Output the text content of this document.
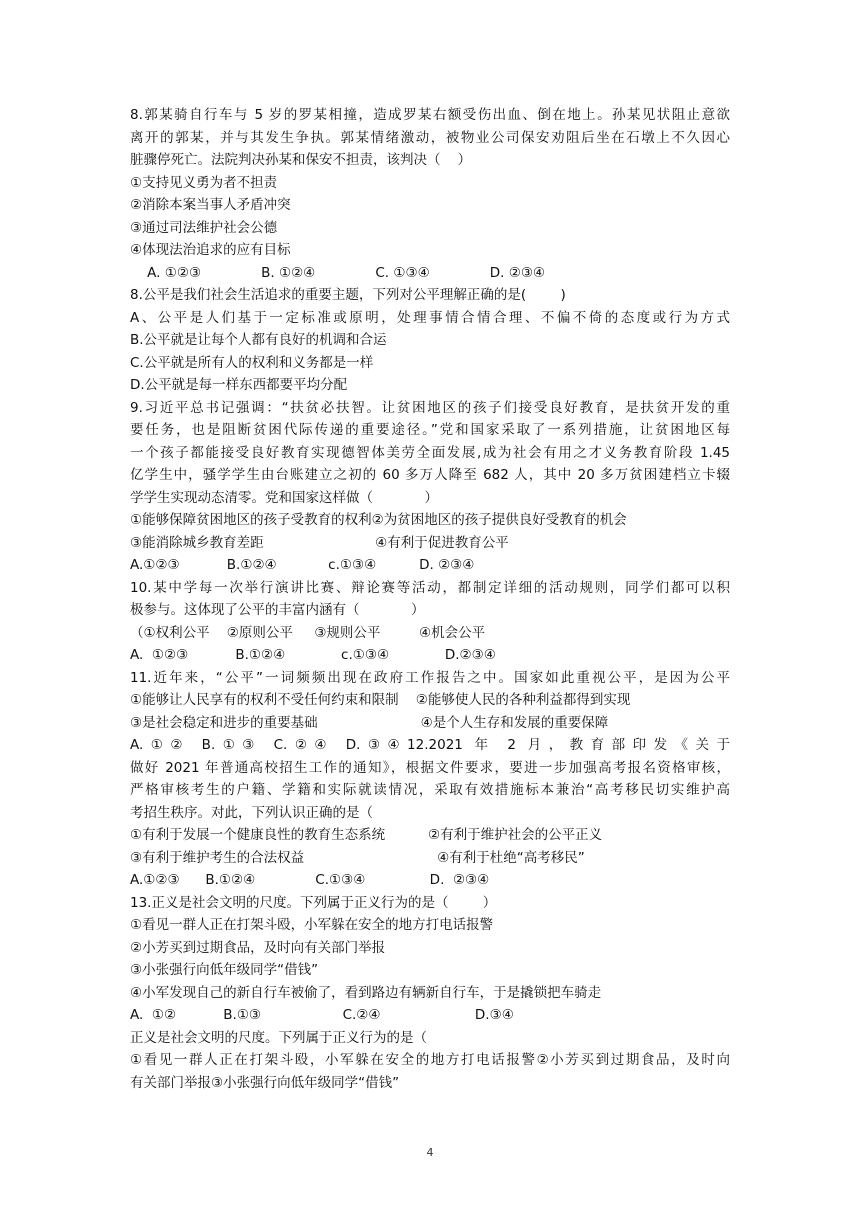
8.郭某骑自行车与 5 岁的罗某相撞，造成罗某右额受伤出血、倒在地上。孙某见状阻止意欲
离开的郭某，并与其发生争执。郭某情绪激动，被物业公司保安劝阻后坐在石墩上不久因心
脏骤停死亡。法院判决孙某和保安不担责，该判决（    ）
①支持见义勇为者不担责
②消除本案当事人矛盾冲突
③通过司法维护社会公德
④体现法治追求的应有目标
A. ①②③              B. ①②④              C. ①③④              D. ②③④
8.公平是我们社会生活追求的重要主题，下列对公平理解正确的是(        )
A、公平是人们基于一定标准或原明，处理事情合情合理、不偏不倚的态度或行为方式
B.公平就是让每个人都有良好的机调和合运
C.公平就是所有人的权利和义务都是一样
D.公平就是每一样东西都要平均分配
9.习近平总书记强调：“扶贫必扶智。让贫困地区的孩子们接受良好教育，是扶贫开发的重
要任务，也是阻断贫困代际传递的重要途径。”党和国家采取了一系列措施，让贫困地区每
一个孩子都能接受良好教育实现德智体美劳全面发展,成为社会有用之才义务教育阶段 1.45
亿学生中，骚学学生由台账建立之初的 60 多万人降至 682 人，其中 20 多万贫困建档立卡辍
学学生实现动态清零。党和国家这样做（            ）
①能够保障贫困地区的孩子受教育的权利②为贫困地区的孩子提供良好受教育的机会
③能消除城乡教育差距                          ④有利于促进教育公平
A.①②③           B.①②④            c.①③④          D. ②③④
10.某中学每一次举行演讲比赛、辩论赛等活动，都制定详细的活动规则，同学们都可以积
极参与。这体现了公平的丰富内涵有（            ）
（①权利公平    ②原则公平     ③规则公平         ④机会公平
A.  ①②③           B.①②④             c.①③④             D.②③④
11.近年来，“公平”一词频频出现在政府工作报告之中。国家如此重视公平，是因为公平
①能够让人民享有的权利不受任何约束和限制    ②能够使人民的各种利益都得到实现
③是社会稳定和进步的重要基础                        ④是个人生存和发展的重要保障
A.①② B.①③ C.②④ D.③④12.2021 年 2 月，教育部印发《关于
做好 2021 年普通高校招生工作的通知》，根据文件要求，要进一步加强高考报名资格审核，
严格审核考生的户籍、学籍和实际就读情况，采取有效措施标本兼治“高考移民切实维护高
考招生秩序。对此，下列认识正确的是（
①有利于发展一个健康良性的教育生态系统          ②有利于维护社会的公平正义
③有利于维护考生的合法权益                               ④有利于杜绝“高考移民”
A.①②③      B.①②④              C.①③④               D.  ②③④
13.正义是社会文明的尺度。下列属于正义行为的是（        ）
①看见一群人正在打架斗殴，小军躲在安全的地方打电话报警
②小芳买到过期食品，及时向有关部门举报
③小张强行向低年级同学“借钱”
④小军发现自己的新自行车被偷了，看到路边有辆新自行车，于是撬锁把车骑走
A.  ①②           B.①③                   C.②④                      D.③④
正义是社会文明的尺度。下列属于正义行为的是（
①看见一群人正在打架斗殴，小军躲在安全的地方打电话报警②小芳买到过期食品，及时向
有关部门举报③小张强行向低年级同学“借钱”
4
